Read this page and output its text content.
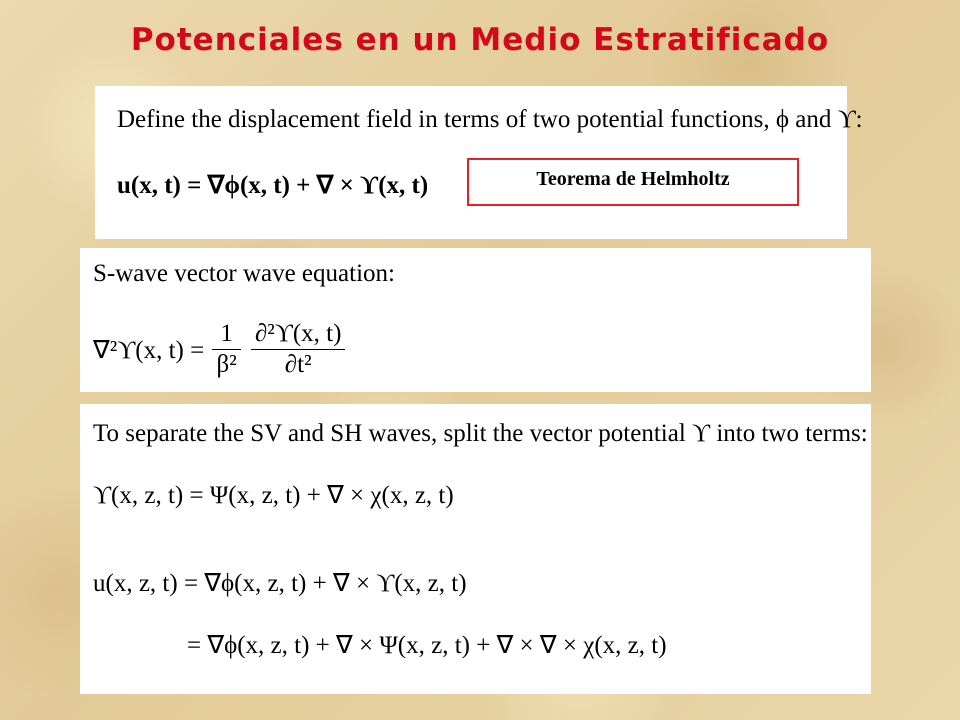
Potenciales en un Medio Estratificado
Define the displacement field in terms of two potential functions, ϕ and ϒ:
u(x, t) = ∇ϕ(x, t) + ∇ × ϒ(x, t)	Teorema de Helmholtz
S-wave vector wave equation:
∇²ϒ(x, $t) = \frac{1}{\text{β²}}$
$\frac{\text{∂²ϒ(x, t)}}{\text{∂t²}}$
To separate the SV and SH waves, split the vector potential ϒ into two terms:
ϒ(x, z, t) = Ψ(x, z, t) + ∇ × χ(x, z, t)
u(x, z, t) = ∇ϕ(x, z, t) + ∇ × ϒ(x, z, t)
= ∇ϕ(x, z, t) + ∇ × Ψ(x, z, t) + ∇ × ∇ × χ(x, z, t)
